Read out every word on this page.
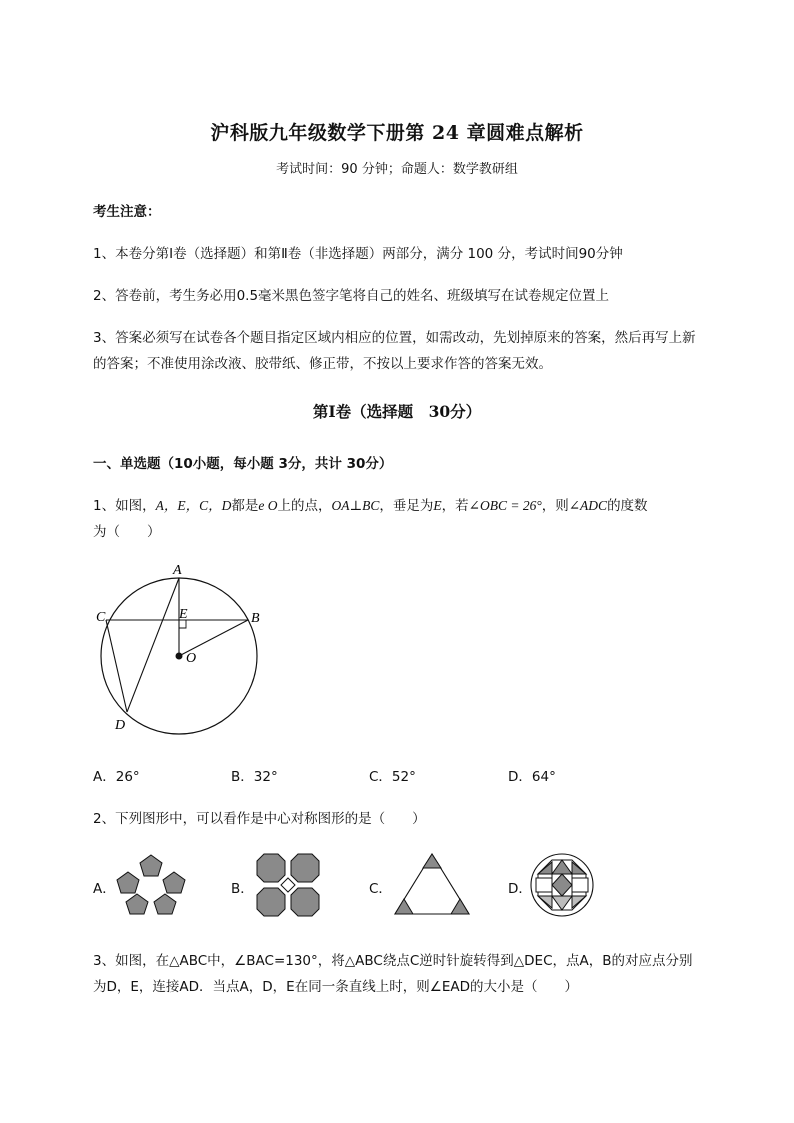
沪科版九年级数学下册第 24 章圆难点解析
考试时间：90 分钟；命题人：数学教研组
考生注意：
1、本卷分第Ⅰ卷（选择题）和第Ⅱ卷（非选择题）两部分，满分 100 分，考试时间90分钟
2、答卷前，考生务必用0.5毫米黑色签字笔将自己的姓名、班级填写在试卷规定位置上
3、答案必须写在试卷各个题目指定区域内相应的位置，如需改动，先划掉原来的答案，然后再写上新
的答案；不准使用涂改液、胶带纸、修正带，不按以上要求作答的答案无效。
第Ⅰ卷（选择题　30分）
一、单选题（10小题，每小题 3分，共计 30分）
1、如图，A，E，C，D都是e O上的点，OA⊥BC，垂足为E，若∠OBC = 26°，则∠ADC的度数
为（　　）
A
B
C
D
E
O
A．26°	B．32°	C．52°	D．64°
2、下列图形中，可以看作是中心对称图形的是（　　）
A．	B．	C．	D．
3、如图，在△ABC中，∠BAC=130°，将△ABC绕点C逆时针旋转得到△DEC，点A，B的对应点分别
为D，E，连接AD．当点A，D，E在同一条直线上时，则∠EAD的大小是（　　）
